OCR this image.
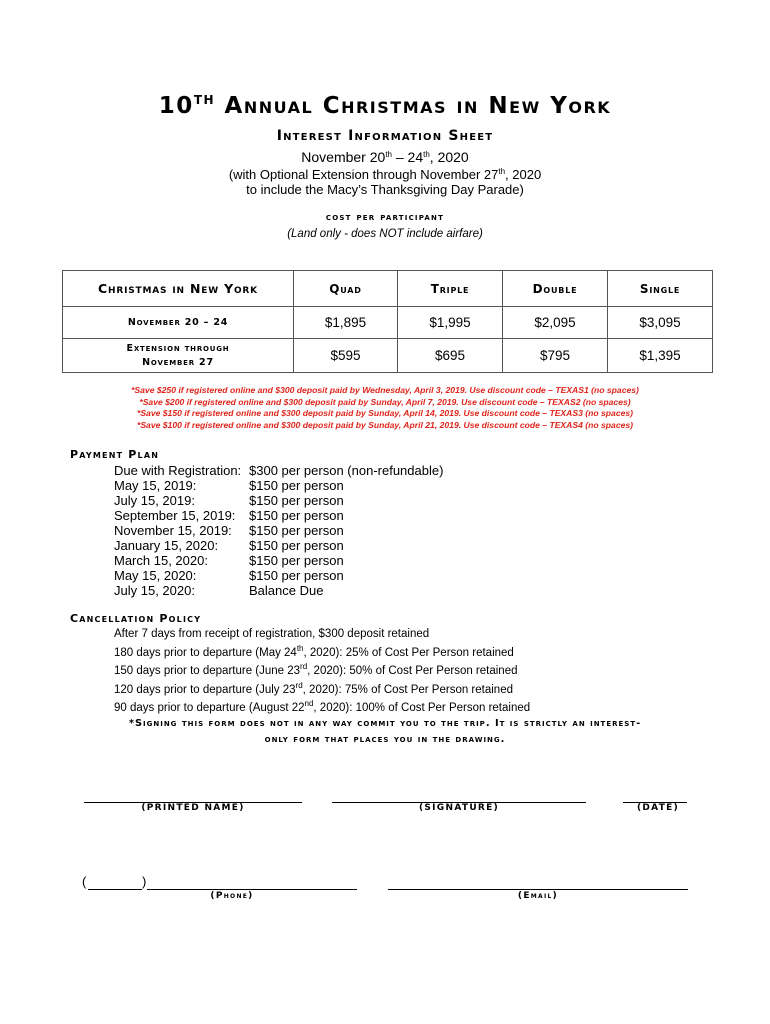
10TH Annual Christmas in New York
Interest Information Sheet
November 20th – 24th, 2020
(with Optional Extension through November 27th, 2020
to include the Macy’s Thanksgiving Day Parade)
cost per participant
(Land only - does NOT include airfare)
Christmas in New York	Quad	Triple	Double	Single
November 20 – 24	$1,895	$1,995	$2,095	$3,095
Extension through
November 27	$595	$695	$795	$1,395
*Save $250 if registered online and $300 deposit paid by Wednesday, April 3, 2019. Use discount code – TEXAS1 (no spaces)
*Save $200 if registered online and $300 deposit paid by Sunday, April 7, 2019. Use discount code – TEXAS2 (no spaces)
*Save $150 if registered online and $300 deposit paid by Sunday, April 14, 2019. Use discount code – TEXAS3 (no spaces)
*Save $100 if registered online and $300 deposit paid by Sunday, April 21, 2019. Use discount code – TEXAS4 (no spaces)
Payment Plan
Due with Registration: $300 per person (non-refundable)
May 15, 2019:	$150 per person
July 15, 2019:	$150 per person
September 15, 2019:	$150 per person
November 15, 2019:	$150 per person
January 15, 2020:	$150 per person
March 15, 2020:	$150 per person
May 15, 2020:	$150 per person
July 15, 2020:	Balance Due
Cancellation Policy
After 7 days from receipt of registration, $300 deposit retained
180 days prior to departure (May 24th, 2020): 25% of Cost Per Person retained
150 days prior to departure (June 23rd, 2020): 50% of Cost Per Person retained
120 days prior to departure (July 23rd, 2020): 75% of Cost Per Person retained
90 days prior to departure (August 22nd, 2020): 100% of Cost Per Person retained
*Signing this form does not in any way commit you to the trip. It is strictly an interest-
only form that places you in the drawing.
(PRINTED NAME)	(SIGNATURE)	(DATE)
(	)
(Phone)	(Email)
